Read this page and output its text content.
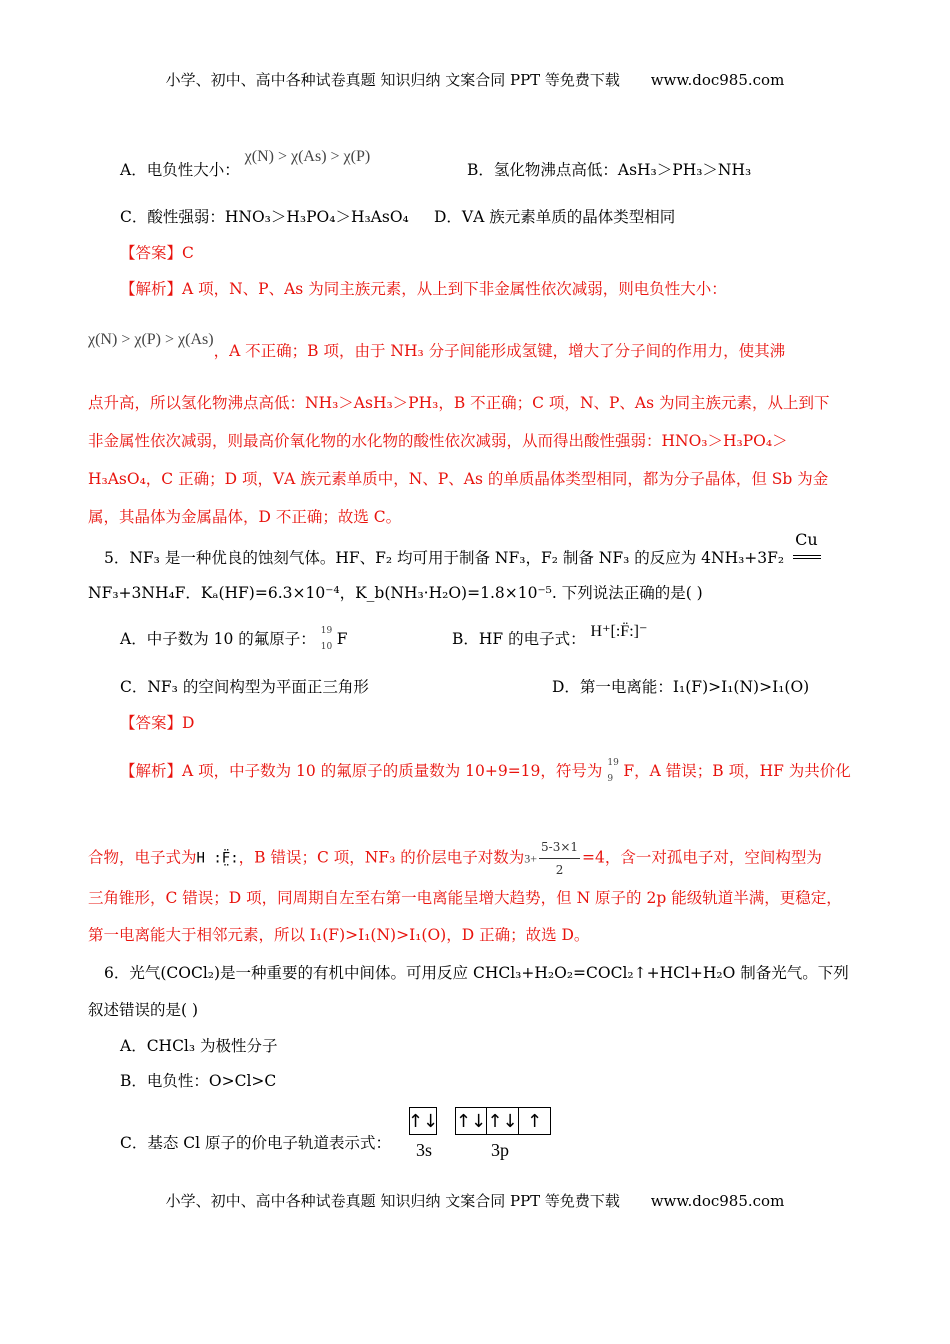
小学、初中、高中各种试卷真题 知识归纳 文案合同 PPT 等免费下载 www.doc985.com
A．电负性大小： χ(N) > χ(As) > χ(P)
B．氢化物沸点高低：AsH₃＞PH₃＞NH₃
C．酸性强弱：HNO₃＞H₃PO₄＞H₃AsO₄ D．ⅤA 族元素单质的晶体类型相同
【答案】C
【解析】A 项，N、P、As 为同主族元素，从上到下非金属性依次减弱，则电负性大小：
χ(N) > χ(P) > χ(As)，A 不正确；B 项，由于 NH₃ 分子间能形成氢键，增大了分子间的作用力，使其沸
点升高，所以氢化物沸点高低：NH₃＞AsH₃＞PH₃，B 不正确；C 项，N、P、As 为同主族元素，从上到下
非金属性依次减弱，则最高价氧化物的水化物的酸性依次减弱，从而得出酸性强弱：HNO₃＞H₃PO₄＞
H₃AsO₄，C 正确；D 项，ⅤA 族元素单质中，N、P、As 的单质晶体类型相同，都为分子晶体，但 Sb 为金
属，其晶体为金属晶体，D 不正确；故选 C。
5．NF₃ 是一种优良的蚀刻气体。HF、F₂ 均可用于制备 NF₃，F₂ 制备 NF₃ 的反应为 4NH₃+3F₂
Cu
NF₃+3NH₄F．Kₐ(HF)=6.3×10⁻⁴，K_b(NH₃·H₂O)=1.8×10⁻⁵. 下列说法正确的是( )
A．中子数为 10 的氟原子： 19
10 F	B．HF 的电子式： H⁺[:F̈:]⁻
C．NF₃ 的空间构型为平面正三角形	D．第一电离能：I₁(F)>I₁(N)>I₁(O)
【答案】D
【解析】A 项，中子数为 10 的氟原子的质量数为 10+9=19，符号为 19
9 F，A 错误；B 项，HF 为共价化
合物，电子式为H :F̤̈:，B 错误；C 项，NF₃ 的价层电子对数为$3+ \frac{5-3\times 1}{2} =4$，含一对孤电子对，空间构型为
三角锥形，C 错误；D 项，同周期自左至右第一电离能呈增大趋势，但 N 原子的 2p 能级轨道半满，更稳定，
第一电离能大于相邻元素，所以 I₁(F)>I₁(N)>I₁(O)，D 正确；故选 D。
6．光气(COCl₂)是一种重要的有机中间体。可用反应 CHCl₃+H₂O₂=COCl₂↑+HCl+H₂O 制备光气。下列
叙述错误的是( )
A．CHCl₃ 为极性分子
B．电负性：O>Cl>C
C．基态 Cl 原子的价电子轨道表示式：
↑↓
3s
↑↓ ↑↓ ↑
3p
小学、初中、高中各种试卷真题 知识归纳 文案合同 PPT 等免费下载 www.doc985.com
